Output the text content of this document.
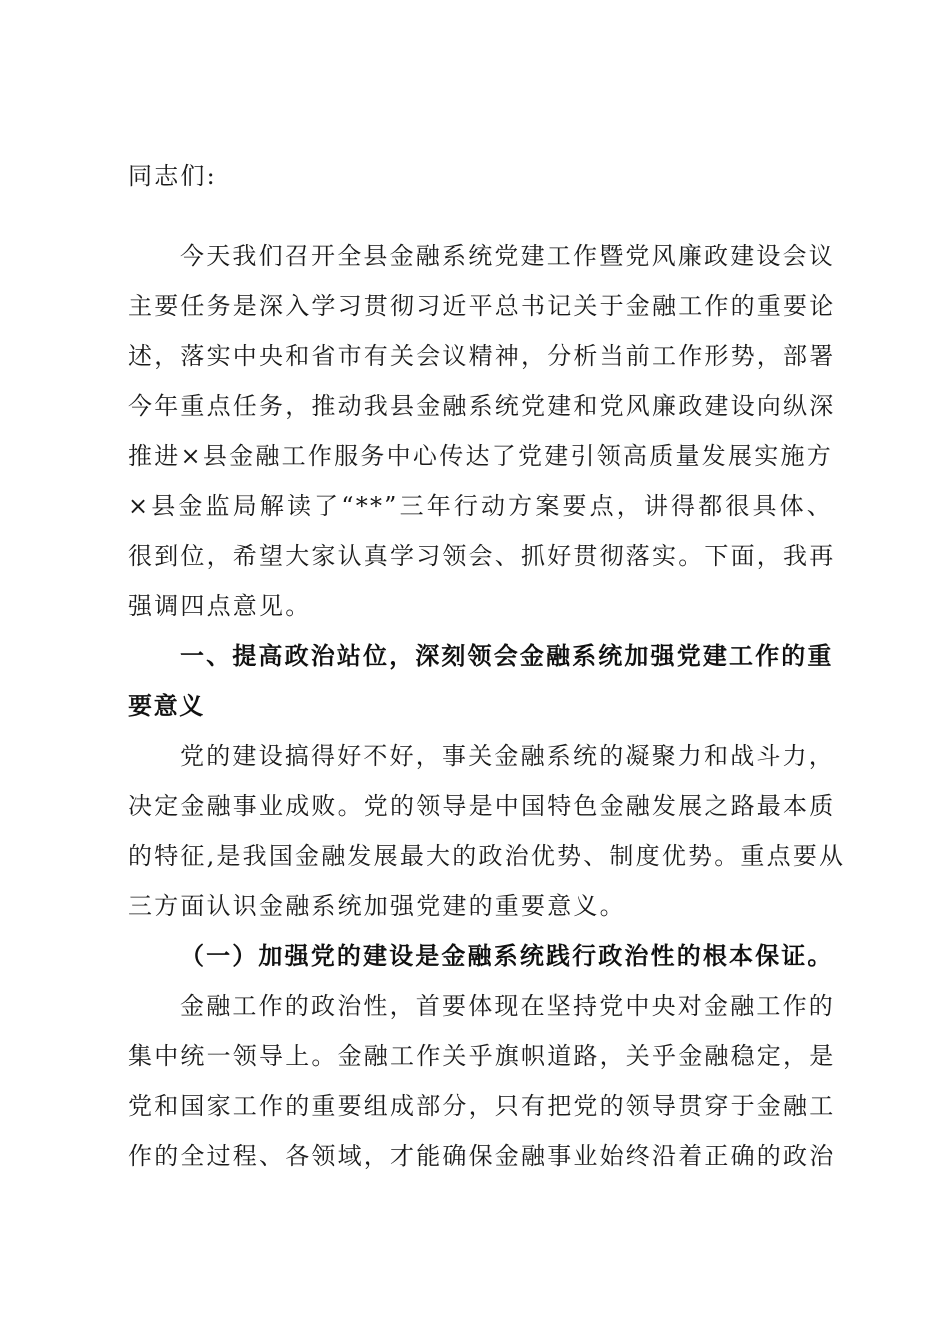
同志们:
今天我们召开全县金融系统党建工作暨党风廉政建设会议
主要任务是深入学习贯彻习近平总书记关于金融工作的重要论
述，落实中央和省市有关会议精神，分析当前工作形势，部署
今年重点任务，推动我县金融系统党建和党风廉政建设向纵深
推进×县金融工作服务中心传达了党建引领高质量发展实施方
×县金监局解读了“**”三年行动方案要点，讲得都很具体、
很到位，希望大家认真学习领会、抓好贯彻落实。下面，我再
强调四点意见。
一、提高政治站位，深刻领会金融系统加强党建工作的重
要意义
党的建设搞得好不好，事关金融系统的凝聚力和战斗力，
决定金融事业成败。党的领导是中国特色金融发展之路最本质
的特征,是我国金融发展最大的政治优势、制度优势。重点要从
三方面认识金融系统加强党建的重要意义。
（一）加强党的建设是金融系统践行政治性的根本保证。
金融工作的政治性，首要体现在坚持党中央对金融工作的
集中统一领导上。金融工作关乎旗帜道路，关乎金融稳定，是
党和国家工作的重要组成部分，只有把党的领导贯穿于金融工
作的全过程、各领域，才能确保金融事业始终沿着正确的政治
